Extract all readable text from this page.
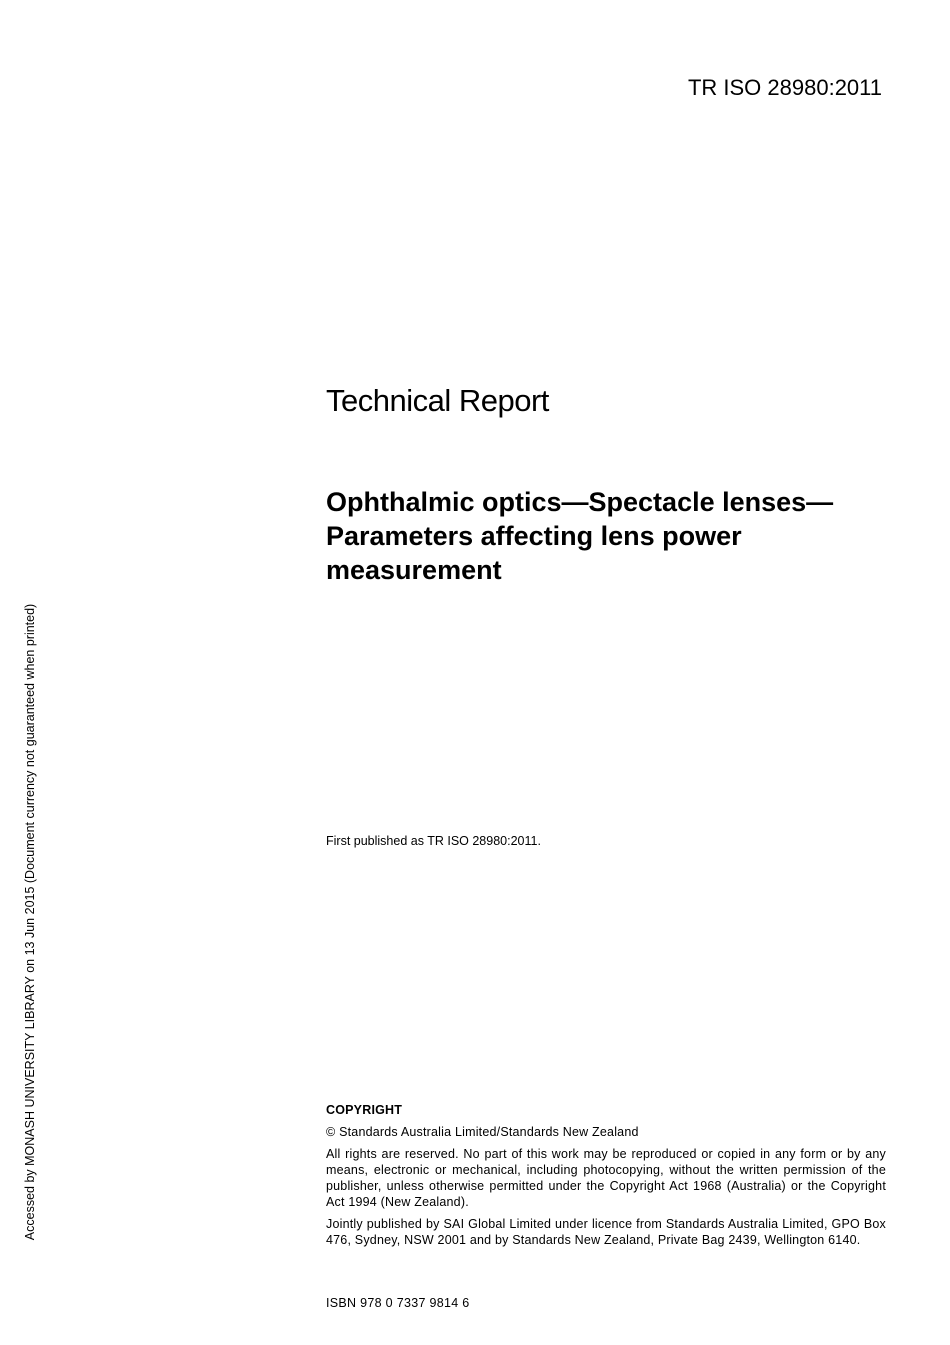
TR ISO 28980:2011
Technical Report
Ophthalmic optics—Spectacle lenses—
Parameters affecting lens power
measurement
First published as TR ISO 28980:2011.
COPYRIGHT

© Standards Australia Limited/Standards New Zealand

All rights are reserved. No part of this work may be reproduced or copied in any form or by any means, electronic or mechanical, including photocopying, without the written permission of the publisher, unless otherwise permitted under the Copyright Act 1968 (Australia) or the Copyright Act 1994 (New Zealand).

Jointly published by SAI Global Limited under licence from Standards Australia Limited, GPO Box 476, Sydney, NSW 2001 and by Standards New Zealand, Private Bag 2439, Wellington 6140.

ISBN 978 0 7337 9814 6
Accessed by MONASH UNIVERSITY LIBRARY on 13 Jun 2015 (Document currency not guaranteed when printed)
